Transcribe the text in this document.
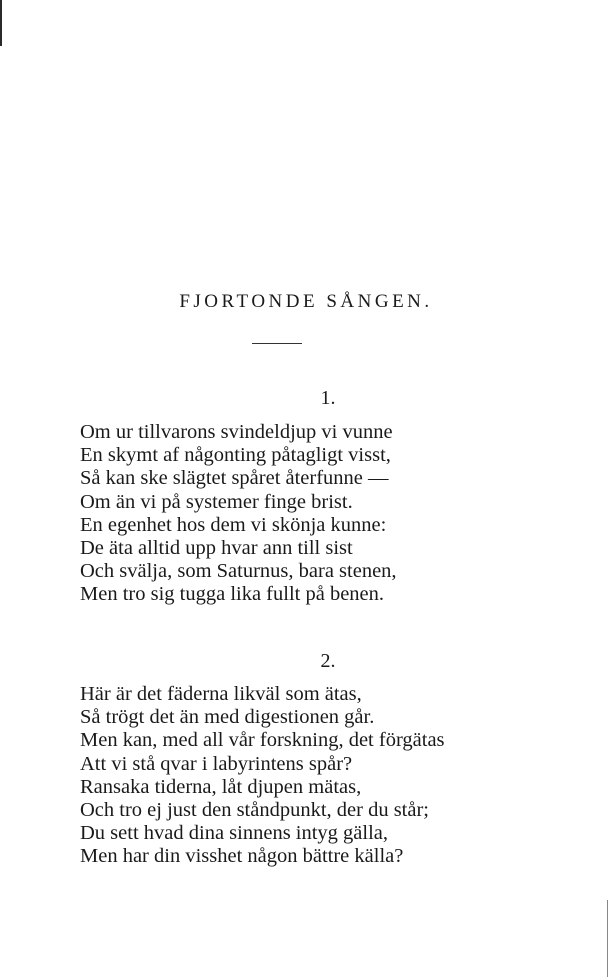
FJORTONDE SÅNGEN.
1.
Om ur tillvarons svindeldjup vi vunne
En skymt af någonting påtagligt visst,
Så kan ske slägtet spåret återfunne —
Om än vi på systemer finge brist.
En egenhet hos dem vi skönja kunne:
De äta alltid upp hvar ann till sist
Och svälja, som Saturnus, bara stenen,
Men tro sig tugga lika fullt på benen.
2.
Här är det fäderna likväl som ätas,
Så trögt det än med digestionen går.
Men kan, med all vår forskning, det förgätas
Att vi stå qvar i labyrintens spår?
Ransaka tiderna, låt djupen mätas,
Och tro ej just den ståndpunkt, der du står;
Du sett hvad dina sinnens intyg gälla,
Men har din visshet någon bättre källa?
